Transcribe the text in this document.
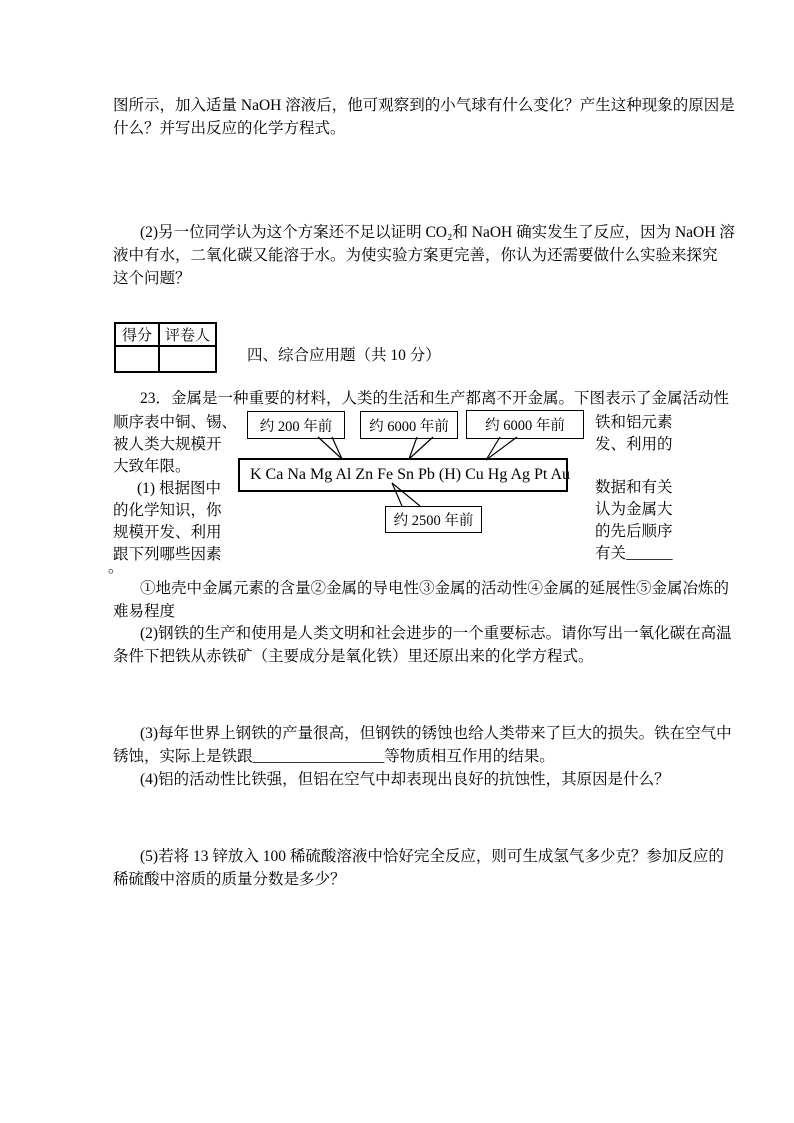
图所示，加入适量 NaOH 溶液后，他可观察到的小气球有什么变化？产生这种现象的原因是
什么？并写出反应的化学方程式。
(2)另一位同学认为这个方案还不足以证明 CO₂和 NaOH 确实发生了反应，因为 NaOH 溶
液中有水，二氧化碳又能溶于水。为使实验方案更完善，你认为还需要做什么实验来探究
这个问题？
得分	评卷人

四、综合应用题（共 10 分）
23．金属是一种重要的材料，人类的生活和生产都离不开金属。下图表示了金属活动性
顺序表中铜、锡、
被人类大规模开
大致年限。
(1) 根据图中
的化学知识，你
规模开发、利用
跟下列哪些因素
。
铁和铝元素
发、利用的
数据和有关
认为金属大
的先后顺序
有关______
约 200 年前	约 6000 年前	约 6000 年前
K Ca Na Mg Al Zn Fe Sn Pb (H) Cu Hg Ag Pt Au
约 2500 年前
①地壳中金属元素的含量②金属的导电性③金属的活动性④金属的延展性⑤金属冶炼的
难易程度
(2)钢铁的生产和使用是人类文明和社会进步的一个重要标志。请你写出一氧化碳在高温
条件下把铁从赤铁矿（主要成分是氧化铁）里还原出来的化学方程式。
(3)每年世界上钢铁的产量很高，但钢铁的锈蚀也给人类带来了巨大的损失。铁在空气中
锈蚀，实际上是铁跟_________________等物质相互作用的结果。
(4)铝的活动性比铁强，但铝在空气中却表现出良好的抗蚀性，其原因是什么？
(5)若将 13 锌放入 100 稀硫酸溶液中恰好完全反应，则可生成氢气多少克？参加反应的
稀硫酸中溶质的质量分数是多少？
